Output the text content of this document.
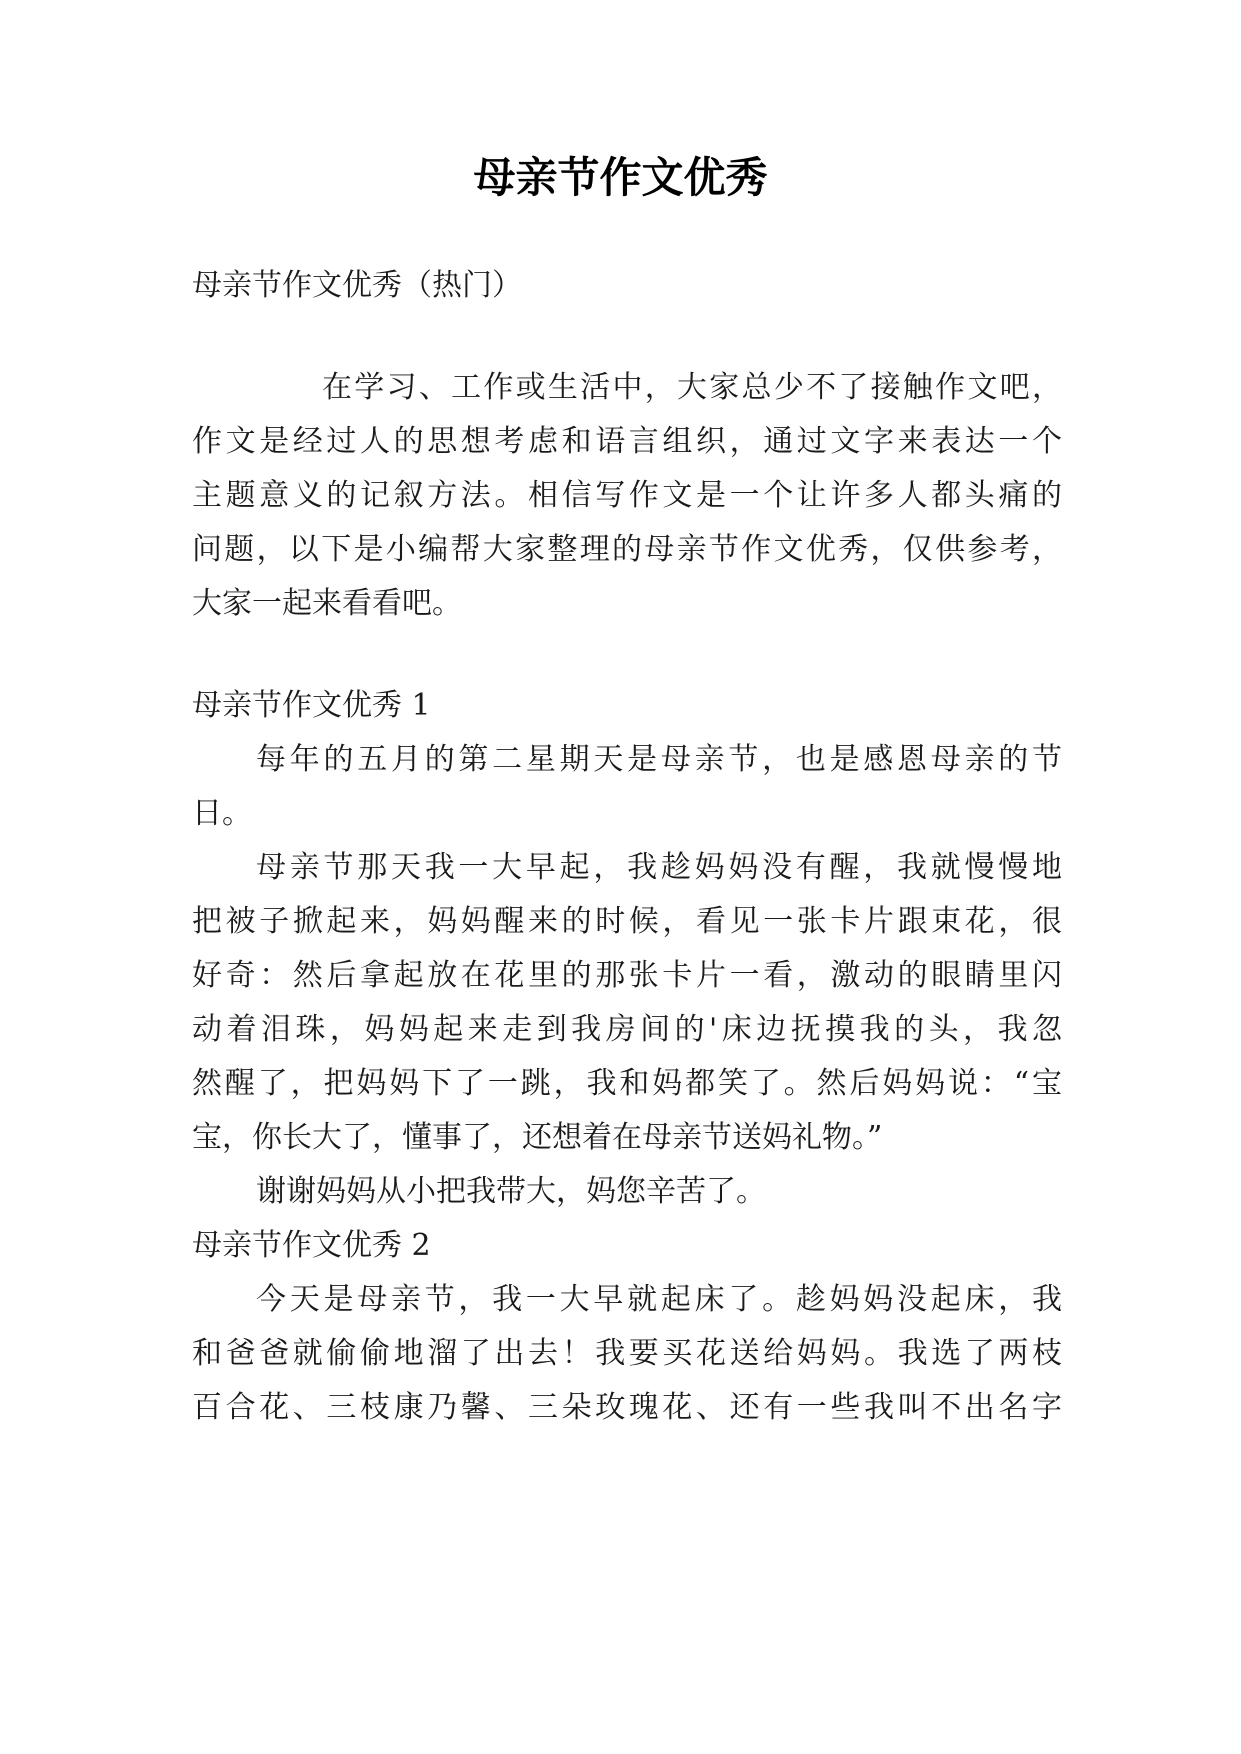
母亲节作文优秀
母亲节作文优秀（热门）
在学习、工作或生活中，大家总少不了接触作文吧，
作文是经过人的思想考虑和语言组织，通过文字来表达一个
主题意义的记叙方法。相信写作文是一个让许多人都头痛的
问题，以下是小编帮大家整理的母亲节作文优秀，仅供参考，
大家一起来看看吧。
母亲节作文优秀 1
每年的五月的第二星期天是母亲节，也是感恩母亲的节
日。
母亲节那天我一大早起，我趁妈妈没有醒，我就慢慢地
把被子掀起来，妈妈醒来的时候，看见一张卡片跟束花，很
好奇：然后拿起放在花里的那张卡片一看，激动的眼睛里闪
动着泪珠，妈妈起来走到我房间的'床边抚摸我的头，我忽
然醒了，把妈妈下了一跳，我和妈都笑了。然后妈妈说：“宝
宝，你长大了，懂事了，还想着在母亲节送妈礼物。”
谢谢妈妈从小把我带大，妈您辛苦了。
母亲节作文优秀 2
今天是母亲节，我一大早就起床了。趁妈妈没起床，我
和爸爸就偷偷地溜了出去！我要买花送给妈妈。我选了两枝
百合花、三枝康乃馨、三朵玫瑰花、还有一些我叫不出名字
